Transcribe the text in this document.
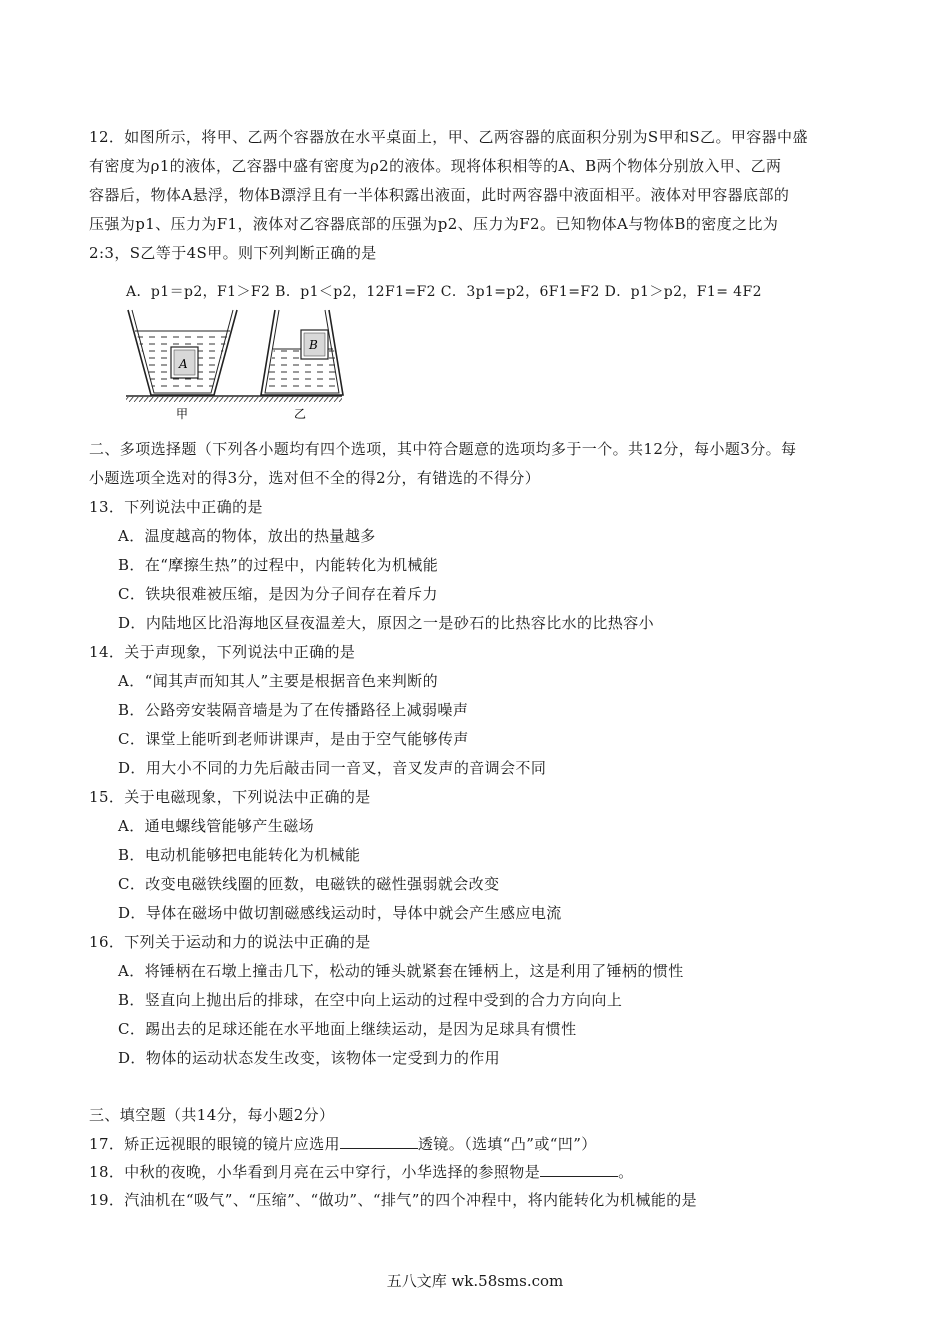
12．如图所示，将甲、乙两个容器放在水平桌面上，甲、乙两容器的底面积分别为S甲和S乙。甲容器中盛
有密度为ρ1的液体，乙容器中盛有密度为ρ2的液体。现将体积相等的A、B两个物体分别放入甲、乙两
容器后，物体A悬浮，物体B漂浮且有一半体积露出液面，此时两容器中液面相平。液体对甲容器底部的
压强为p1、压力为F1，液体对乙容器底部的压强为p2、压力为F2。已知物体A与物体B的密度之比为
2:3，S乙等于4S甲。则下列判断正确的是
A．p1＝p2，F1＞F2 B．p1＜p2，12F1=F2 C．3p1=p2，6F1=F2 D．p1＞p2，F1= 4F2
A
B
甲	乙
二、多项选择题（下列各小题均有四个选项，其中符合题意的选项均多于一个。共12分，每小题3分。每
小题选项全选对的得3分，选对但不全的得2分，有错选的不得分）
13．下列说法中正确的是
A．温度越高的物体，放出的热量越多
B．在“摩擦生热”的过程中，内能转化为机械能
C．铁块很难被压缩，是因为分子间存在着斥力
D．内陆地区比沿海地区昼夜温差大，原因之一是砂石的比热容比水的比热容小
14．关于声现象，下列说法中正确的是
A．“闻其声而知其人”主要是根据音色来判断的
B．公路旁安装隔音墙是为了在传播路径上减弱噪声
C．课堂上能听到老师讲课声，是由于空气能够传声
D．用大小不同的力先后敲击同一音叉，音叉发声的音调会不同
15．关于电磁现象，下列说法中正确的是
A．通电螺线管能够产生磁场
B．电动机能够把电能转化为机械能
C．改变电磁铁线圈的匝数，电磁铁的磁性强弱就会改变
D．导体在磁场中做切割磁感线运动时，导体中就会产生感应电流
16．下列关于运动和力的说法中正确的是
A．将锤柄在石墩上撞击几下，松动的锤头就紧套在锤柄上，这是利用了锤柄的惯性
B．竖直向上抛出后的排球，在空中向上运动的过程中受到的合力方向向上
C．踢出去的足球还能在水平地面上继续运动，是因为足球具有惯性
D．物体的运动状态发生改变，该物体一定受到力的作用
三、填空题（共14分，每小题2分）
17．矫正远视眼的眼镜的镜片应选用	透镜。（选填“凸”或“凹”）
18．中秋的夜晚，小华看到月亮在云中穿行，小华选择的参照物是	。
19．汽油机在“吸气”、“压缩”、“做功”、“排气”的四个冲程中，将内能转化为机械能的是
五八文库 wk.58sms.com
